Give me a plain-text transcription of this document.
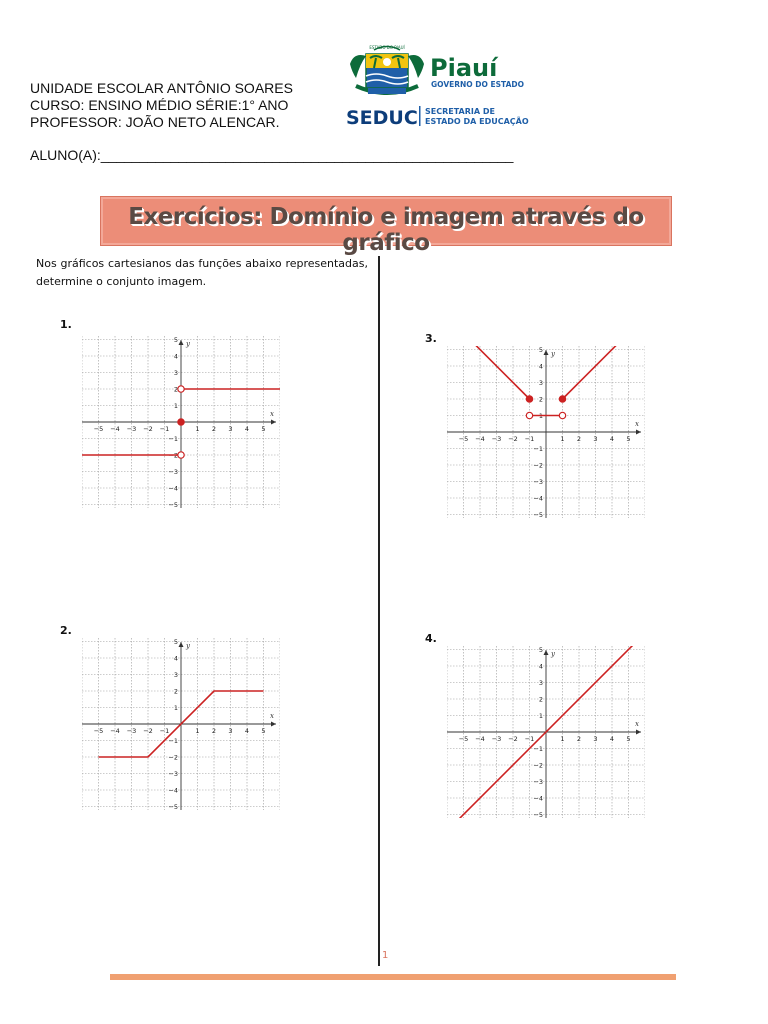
UNIDADE ESCOLAR ANTÔNIO SOARES
CURSO: ENSINO MÉDIO SÉRIE:1° ANO
PROFESSOR: JOÃO NETO ALENCAR.
ALUNO(A):_____________________________________________________
ESTADO DO PIAUÍ
Piauí
GOVERNO DO ESTADO
SEDUC SECRETARIA DE
ESTADO DA EDUCAÇÃO
Exercícios: Domínio e imagem através do gráfico
Nos gráficos cartesianos das funções abaixo representadas, determine o conjunto imagem.
1.
3.
2.
4.
x
y
−5 −4 −3 −2 −1	1 2 3 4 5
5
4
3
2
1
−1
−2
−3
−4
−5
x
y
−5 −4 −3 −2 −1	1 2 3 4 5
5
4
3
2
1
−1
−2
−3
−4
−5
x
y
−5 −4 −3 −2 −1	1 2 3 4 5
5
4
3
2
1
−1
−2
−3
−4
−5
x
y
−5 −4 −3 −2 −1	1 2 3 4 5
5
4
3
2
1
−1
−2
−3
−4
−5
1
